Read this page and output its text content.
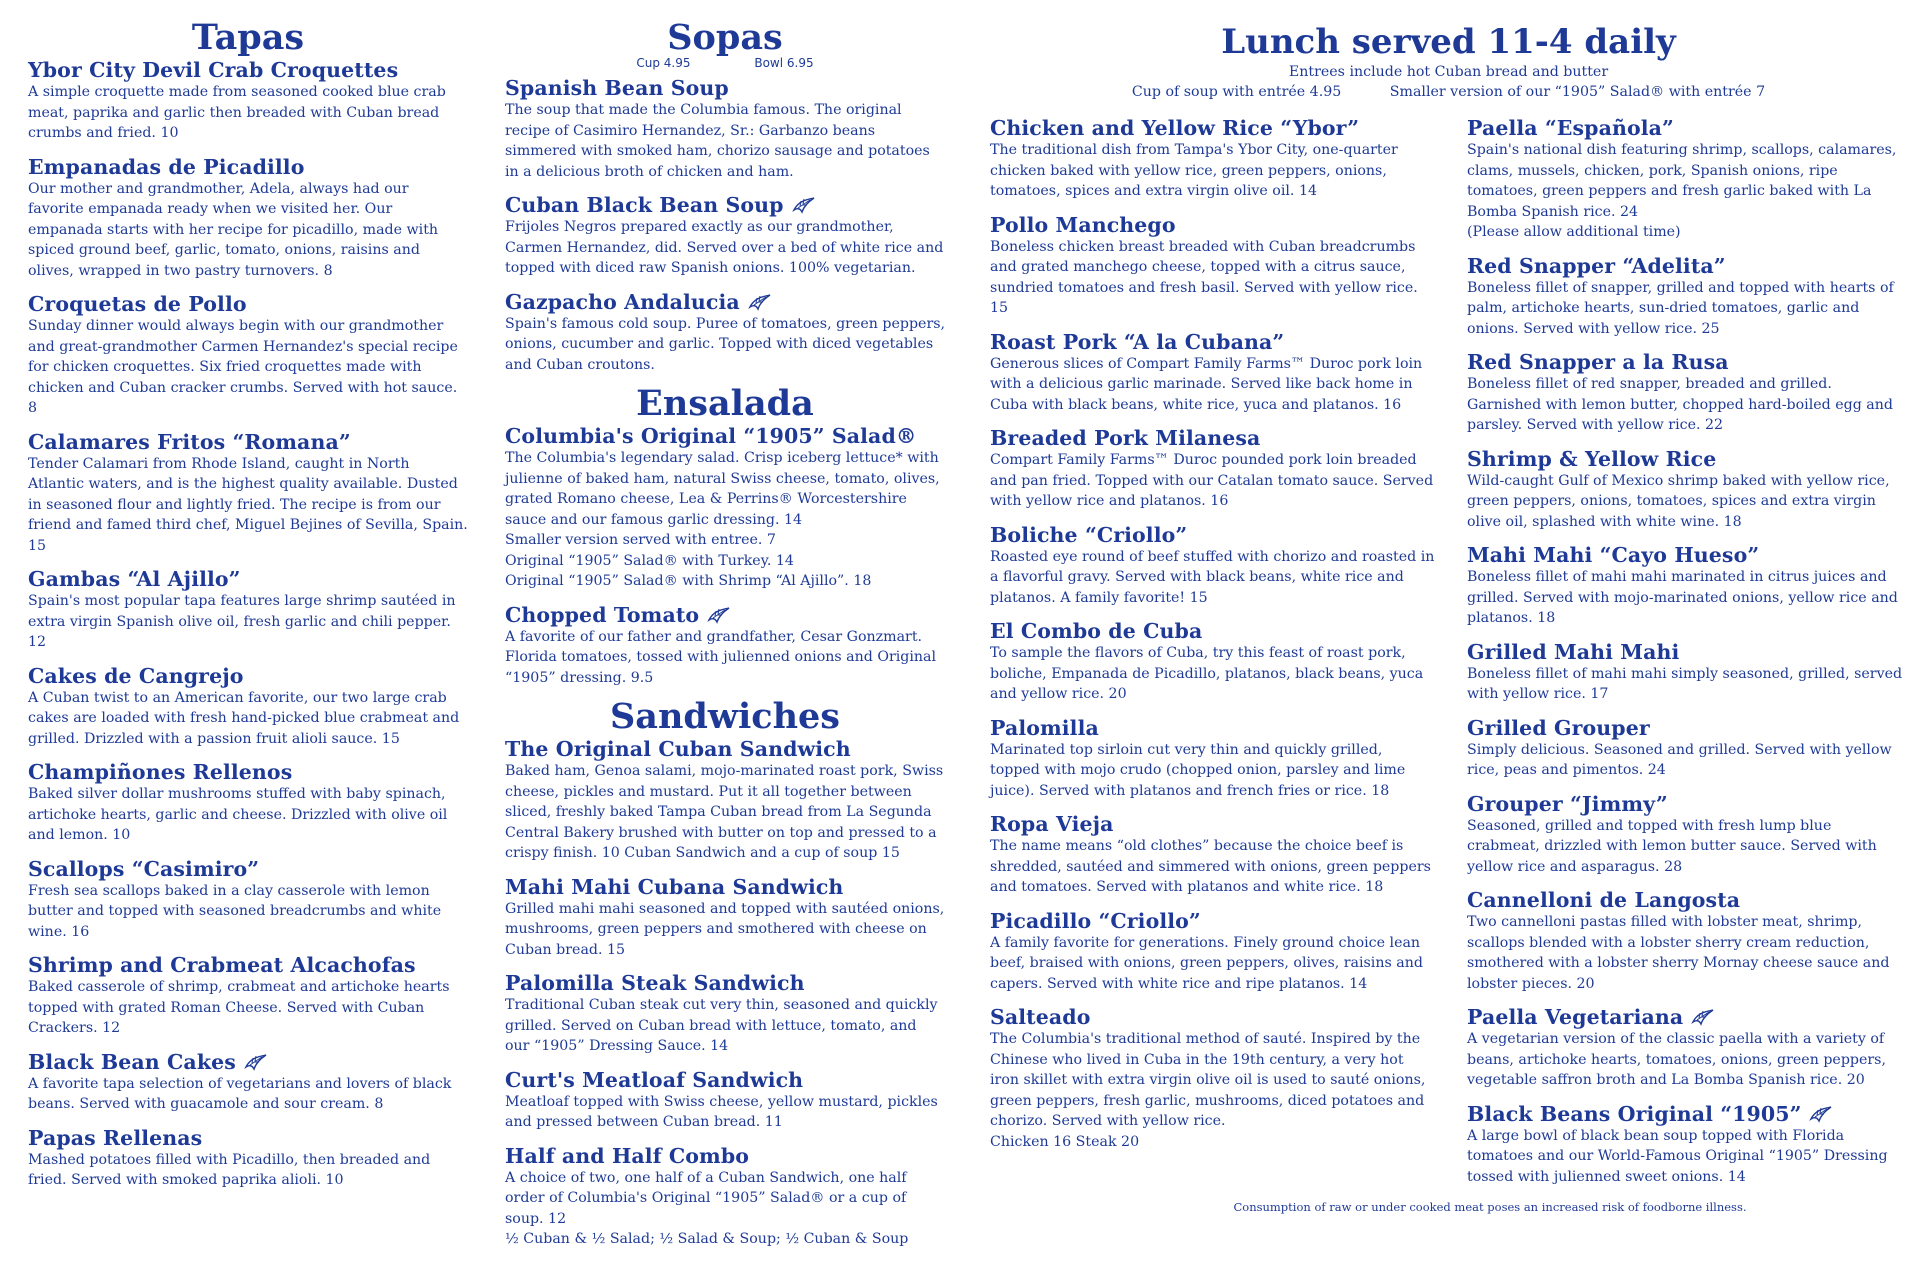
Tapas
Ybor City Devil Crab Croquettes
A simple croquette made from seasoned cooked blue crab meat, paprika and garlic then breaded with Cuban bread crumbs and fried. 10
Empanadas de Picadillo
Our mother and grandmother, Adela, always had our favorite empanada ready when we visited her. Our empanada starts with her recipe for picadillo, made with spiced ground beef, garlic, tomato, onions, raisins and olives, wrapped in two pastry turnovers. 8
Croquetas de Pollo
Sunday dinner would always begin with our grandmother and great-grandmother Carmen Hernandez's special recipe for chicken croquettes. Six fried croquettes made with chicken and Cuban cracker crumbs. Served with hot sauce. 8
Calamares Fritos “Romana”
Tender Calamari from Rhode Island, caught in North Atlantic waters, and is the highest quality available. Dusted in seasoned flour and lightly fried. The recipe is from our friend and famed third chef, Miguel Bejines of Sevilla, Spain. 15
Gambas “Al Ajillo”
Spain's most popular tapa features large shrimp sautéed in extra virgin Spanish olive oil, fresh garlic and chili pepper. 12
Cakes de Cangrejo
A Cuban twist to an American favorite, our two large crab cakes are loaded with fresh hand-picked blue crabmeat and grilled. Drizzled with a passion fruit alioli sauce. 15
Champiñones Rellenos
Baked silver dollar mushrooms stuffed with baby spinach, artichoke hearts, garlic and cheese. Drizzled with olive oil and lemon. 10
Scallops “Casimiro”
Fresh sea scallops baked in a clay casserole with lemon butter and topped with seasoned breadcrumbs and white wine. 16
Shrimp and Crabmeat Alcachofas
Baked casserole of shrimp, crabmeat and artichoke hearts topped with grated Roman Cheese. Served with Cuban Crackers. 12
Black Bean Cakes
A favorite tapa selection of vegetarians and lovers of black beans. Served with guacamole and sour cream. 8
Papas Rellenas
Mashed potatoes filled with Picadillo, then breaded and fried. Served with smoked paprika alioli. 10
Sopas
Cup 4.95	Bowl 6.95
Spanish Bean Soup
The soup that made the Columbia famous. The original recipe of Casimiro Hernandez, Sr.: Garbanzo beans simmered with smoked ham, chorizo sausage and potatoes in a delicious broth of chicken and ham.
Cuban Black Bean Soup
Frijoles Negros prepared exactly as our grandmother, Carmen Hernandez, did. Served over a bed of white rice and topped with diced raw Spanish onions. 100% vegetarian.
Gazpacho Andalucia
Spain's famous cold soup. Puree of tomatoes, green peppers, onions, cucumber and garlic. Topped with diced vegetables and Cuban croutons.
Ensalada
Columbia's Original “1905” Salad®
The Columbia's legendary salad. Crisp iceberg lettuce* with julienne of baked ham, natural Swiss cheese, tomato, olives, grated Romano cheese, Lea & Perrins® Worcestershire sauce and our famous garlic dressing. 14
Smaller version served with entree. 7
Original “1905” Salad® with Turkey. 14
Original “1905” Salad® with Shrimp “Al Ajillo”. 18
Chopped Tomato
A favorite of our father and grandfather, Cesar Gonzmart. Florida tomatoes, tossed with julienned onions and Original “1905” dressing. 9.5
Sandwiches
The Original Cuban Sandwich
Baked ham, Genoa salami, mojo-marinated roast pork, Swiss cheese, pickles and mustard. Put it all together between sliced, freshly baked Tampa Cuban bread from La Segunda Central Bakery brushed with butter on top and pressed to a crispy finish. 10 Cuban Sandwich and a cup of soup 15
Mahi Mahi Cubana Sandwich
Grilled mahi mahi seasoned and topped with sautéed onions, mushrooms, green peppers and smothered with cheese on Cuban bread. 15
Palomilla Steak Sandwich
Traditional Cuban steak cut very thin, seasoned and quickly grilled. Served on Cuban bread with lettuce, tomato, and our “1905” Dressing Sauce. 14
Curt's Meatloaf Sandwich
Meatloaf topped with Swiss cheese, yellow mustard, pickles and pressed between Cuban bread. 11
Half and Half Combo
A choice of two, one half of a Cuban Sandwich, one half order of Columbia's Original “1905” Salad® or a cup of soup. 12
½ Cuban & ½ Salad; ½ Salad & Soup; ½ Cuban & Soup
Lunch served 11-4 daily
Entrees include hot Cuban bread and butter
Cup of soup with entrée 4.95	Smaller version of our “1905” Salad® with entrée 7
Chicken and Yellow Rice “Ybor”
The traditional dish from Tampa's Ybor City, one-quarter chicken baked with yellow rice, green peppers, onions, tomatoes, spices and extra virgin olive oil. 14
Pollo Manchego
Boneless chicken breast breaded with Cuban breadcrumbs and grated manchego cheese, topped with a citrus sauce, sundried tomatoes and fresh basil. Served with yellow rice. 15
Roast Pork “A la Cubana”
Generous slices of Compart Family Farms™ Duroc pork loin with a delicious garlic marinade. Served like back home in Cuba with black beans, white rice, yuca and platanos. 16
Breaded Pork Milanesa
Compart Family Farms™ Duroc pounded pork loin breaded and pan fried. Topped with our Catalan tomato sauce. Served with yellow rice and platanos. 16
Boliche “Criollo”
Roasted eye round of beef stuffed with chorizo and roasted in a flavorful gravy. Served with black beans, white rice and platanos. A family favorite! 15
El Combo de Cuba
To sample the flavors of Cuba, try this feast of roast pork, boliche, Empanada de Picadillo, platanos, black beans, yuca and yellow rice. 20
Palomilla
Marinated top sirloin cut very thin and quickly grilled, topped with mojo crudo (chopped onion, parsley and lime juice). Served with platanos and french fries or rice. 18
Ropa Vieja
The name means “old clothes” because the choice beef is shredded, sautéed and simmered with onions, green peppers and tomatoes. Served with platanos and white rice. 18
Picadillo “Criollo”
A family favorite for generations. Finely ground choice lean beef, braised with onions, green peppers, olives, raisins and capers. Served with white rice and ripe platanos. 14
Salteado
The Columbia's traditional method of sauté. Inspired by the Chinese who lived in Cuba in the 19th century, a very hot iron skillet with extra virgin olive oil is used to sauté onions, green peppers, fresh garlic, mushrooms, diced potatoes and chorizo. Served with yellow rice.
Chicken 16 Steak 20
Paella “Española”
Spain's national dish featuring shrimp, scallops, calamares, clams, mussels, chicken, pork, Spanish onions, ripe tomatoes, green peppers and fresh garlic baked with La Bomba Spanish rice. 24
(Please allow additional time)
Red Snapper “Adelita”
Boneless fillet of snapper, grilled and topped with hearts of palm, artichoke hearts, sun-dried tomatoes, garlic and onions. Served with yellow rice. 25
Red Snapper a la Rusa
Boneless fillet of red snapper, breaded and grilled. Garnished with lemon butter, chopped hard-boiled egg and parsley. Served with yellow rice. 22
Shrimp & Yellow Rice
Wild-caught Gulf of Mexico shrimp baked with yellow rice, green peppers, onions, tomatoes, spices and extra virgin olive oil, splashed with white wine. 18
Mahi Mahi “Cayo Hueso”
Boneless fillet of mahi mahi marinated in citrus juices and grilled. Served with mojo-marinated onions, yellow rice and platanos. 18
Grilled Mahi Mahi
Boneless fillet of mahi mahi simply seasoned, grilled, served with yellow rice. 17
Grilled Grouper
Simply delicious. Seasoned and grilled. Served with yellow rice, peas and pimentos. 24
Grouper “Jimmy”
Seasoned, grilled and topped with fresh lump blue crabmeat, drizzled with lemon butter sauce. Served with yellow rice and asparagus. 28
Cannelloni de Langosta
Two cannelloni pastas filled with lobster meat, shrimp, scallops blended with a lobster sherry cream reduction, smothered with a lobster sherry Mornay cheese sauce and lobster pieces. 20
Paella Vegetariana
A vegetarian version of the classic paella with a variety of beans, artichoke hearts, tomatoes, onions, green peppers, vegetable saffron broth and La Bomba Spanish rice. 20
Black Beans Original “1905”
A large bowl of black bean soup topped with Florida tomatoes and our World-Famous Original “1905” Dressing tossed with julienned sweet onions. 14
Consumption of raw or under cooked meat poses an increased risk of foodborne illness.
